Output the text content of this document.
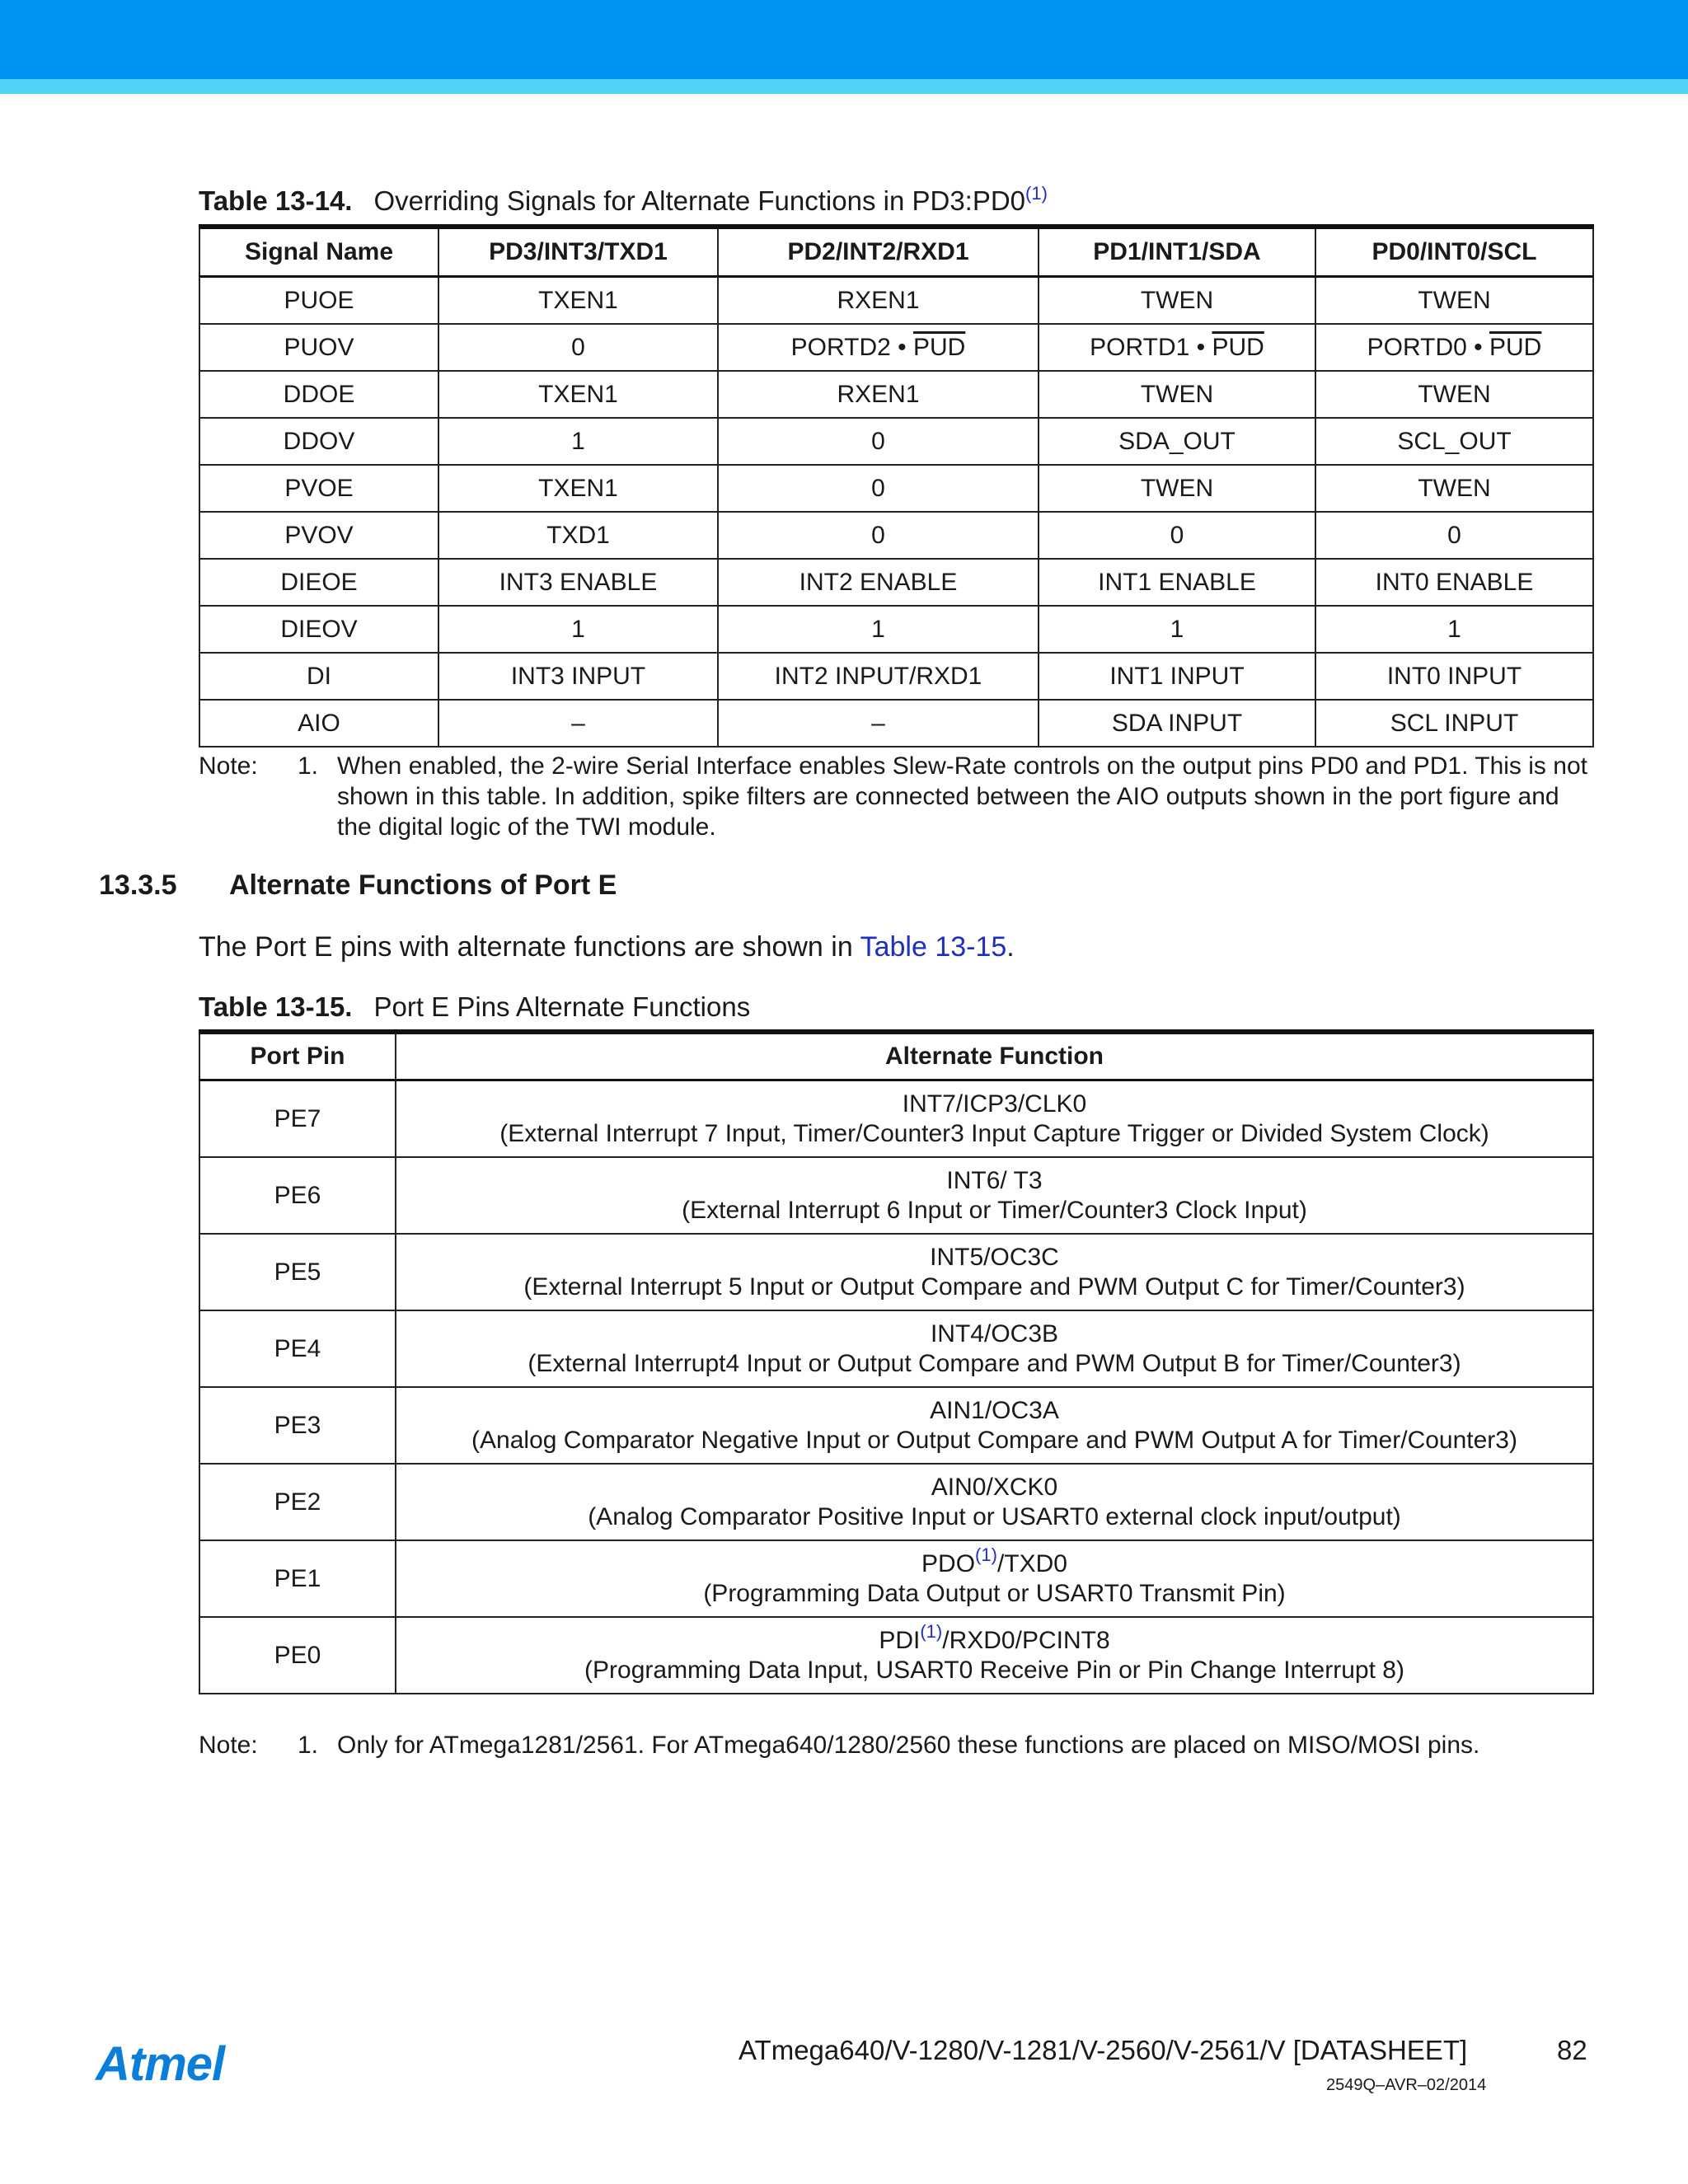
Table 13-14. Overriding Signals for Alternate Functions in PD3:PD0$^{(1)}$
Signal Name	PD3/INT3/TXD1	PD2/INT2/RXD1	PD1/INT1/SDA	PD0/INT0/SCL
PUOE	TXEN1	RXEN1	TWEN	TWEN
PUOV	0	PORTD2 • $\overline{PUD}$	PORTD1 • $\overline{PUD}$	PORTD0 • $\overline{PUD}$
DDOE	TXEN1	RXEN1	TWEN	TWEN
DDOV	1	0	SDA_OUT	SCL_OUT
PVOE	TXEN1	0	TWEN	TWEN
PVOV	TXD1	0	0	0
DIEOE	INT3 ENABLE	INT2 ENABLE	INT1 ENABLE	INT0 ENABLE
DIEOV	1	1	1	1
DI	INT3 INPUT	INT2 INPUT/RXD1	INT1 INPUT	INT0 INPUT
AIO	–	–	SDA INPUT	SCL INPUT
Note: 1. When enabled, the 2-wire Serial Interface enables Slew-Rate controls on the output pins PD0 and PD1. This is not shown in this table. In addition, spike filters are connected between the AIO outputs shown in the port figure and the digital logic of the TWI module.
13.3.5 Alternate Functions of Port E
The Port E pins with alternate functions are shown in Table 13-15.
Table 13-15. Port E Pins Alternate Functions
Port Pin	Alternate Function
PE7	INT7/ICP3/CLK0
(External Interrupt 7 Input, Timer/Counter3 Input Capture Trigger or Divided System Clock)

PE6	INT6/ T3
(External Interrupt 6 Input or Timer/Counter3 Clock Input)

PE5	INT5/OC3C
(External Interrupt 5 Input or Output Compare and PWM Output C for Timer/Counter3)

PE4	INT4/OC3B
(External Interrupt4 Input or Output Compare and PWM Output B for Timer/Counter3)

PE3	AIN1/OC3A
(Analog Comparator Negative Input or Output Compare and PWM Output A for Timer/Counter3)

PE2	AIN0/XCK0
(Analog Comparator Positive Input or USART0 external clock input/output)

PE1	PDO$^{(1)}$/TXD0
(Programming Data Output or USART0 Transmit Pin)

PE0	PDI$^{(1)}$/RXD0/PCINT8
(Programming Data Input, USART0 Receive Pin or Pin Change Interrupt 8)
Note: 1. Only for ATmega1281/2561. For ATmega640/1280/2560 these functions are placed on MISO/MOSI pins.
Atmel	ATmega640/V-1280/V-1281/V-2560/V-2561/V [DATASHEET]	82
2549Q–AVR–02/2014
